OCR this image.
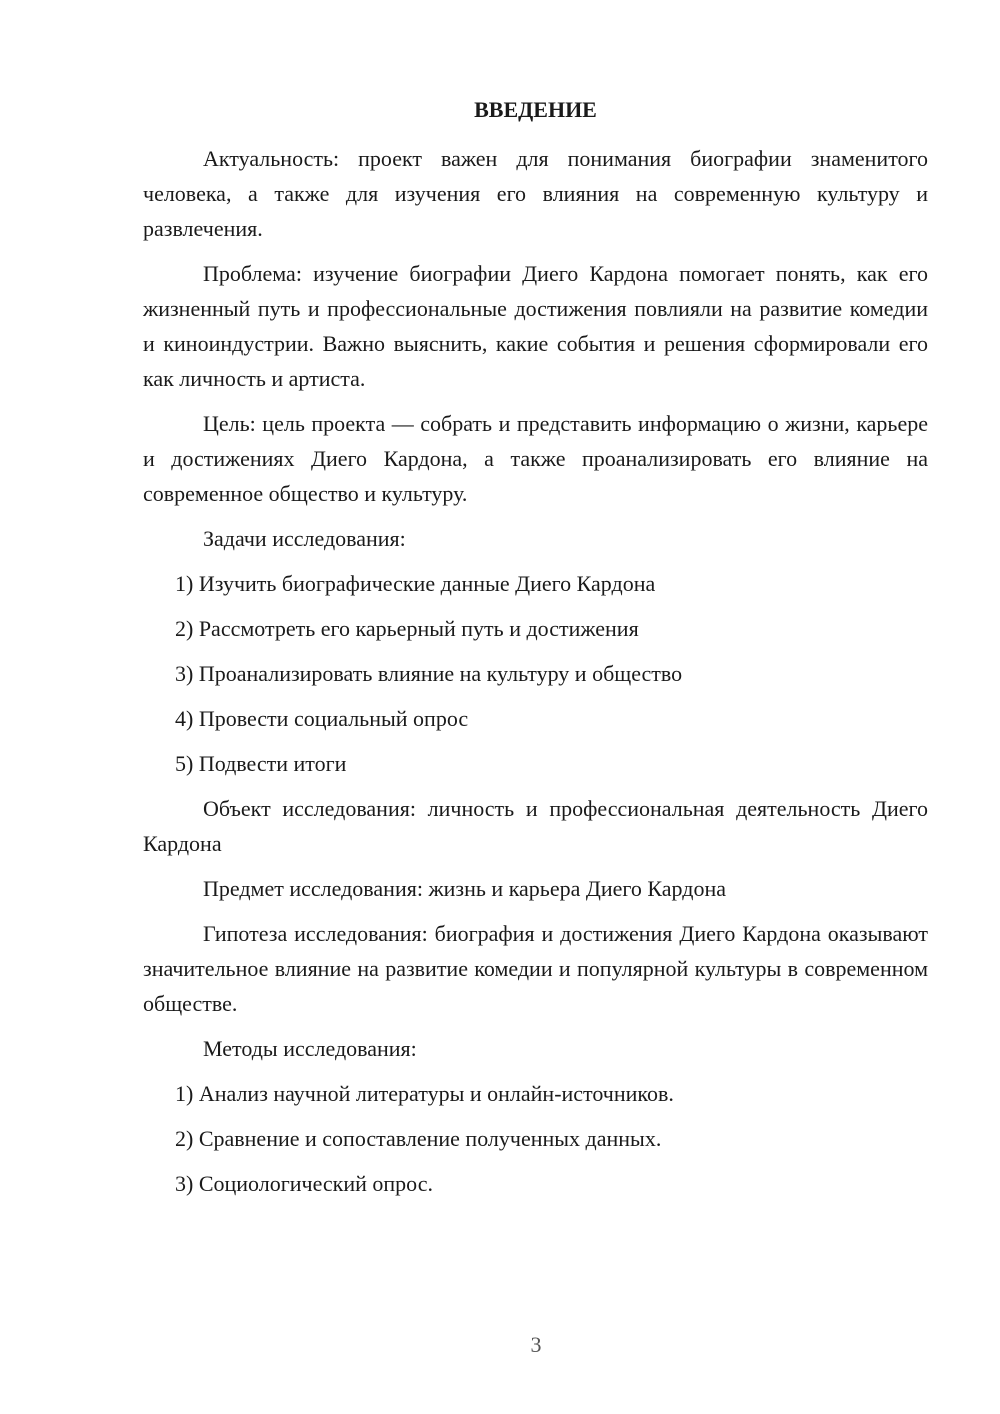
ВВЕДЕНИЕ

Актуальность: проект важен для понимания биографии знаменитого человека, а также для изучения его влияния на современную культуру и развлечения.

Проблема: изучение биографии Диего Кардона помогает понять, как его жизненный путь и профессиональные достижения повлияли на развитие комедии и киноиндустрии. Важно выяснить, какие события и решения сформировали его как личность и артиста.

Цель: цель проекта — собрать и представить информацию о жизни, карьере и достижениях Диего Кардона, а также проанализировать его влияние на современное общество и культуру.

Задачи исследования:

1) Изучить биографические данные Диего Кардона
2) Рассмотреть его карьерный путь и достижения
3) Проанализировать влияние на культуру и общество
4) Провести социальный опрос
5) Подвести итоги

Объект исследования: личность и профессиональная деятельность Диего Кардона

Предмет исследования: жизнь и карьера Диего Кардона

Гипотеза исследования: биография и достижения Диего Кардона оказывают значительное влияние на развитие комедии и популярной культуры в современном обществе.

Методы исследования:

1) Анализ научной литературы и онлайн-источников.
2) Сравнение и сопоставление полученных данных.
3) Социологический опрос.
3
